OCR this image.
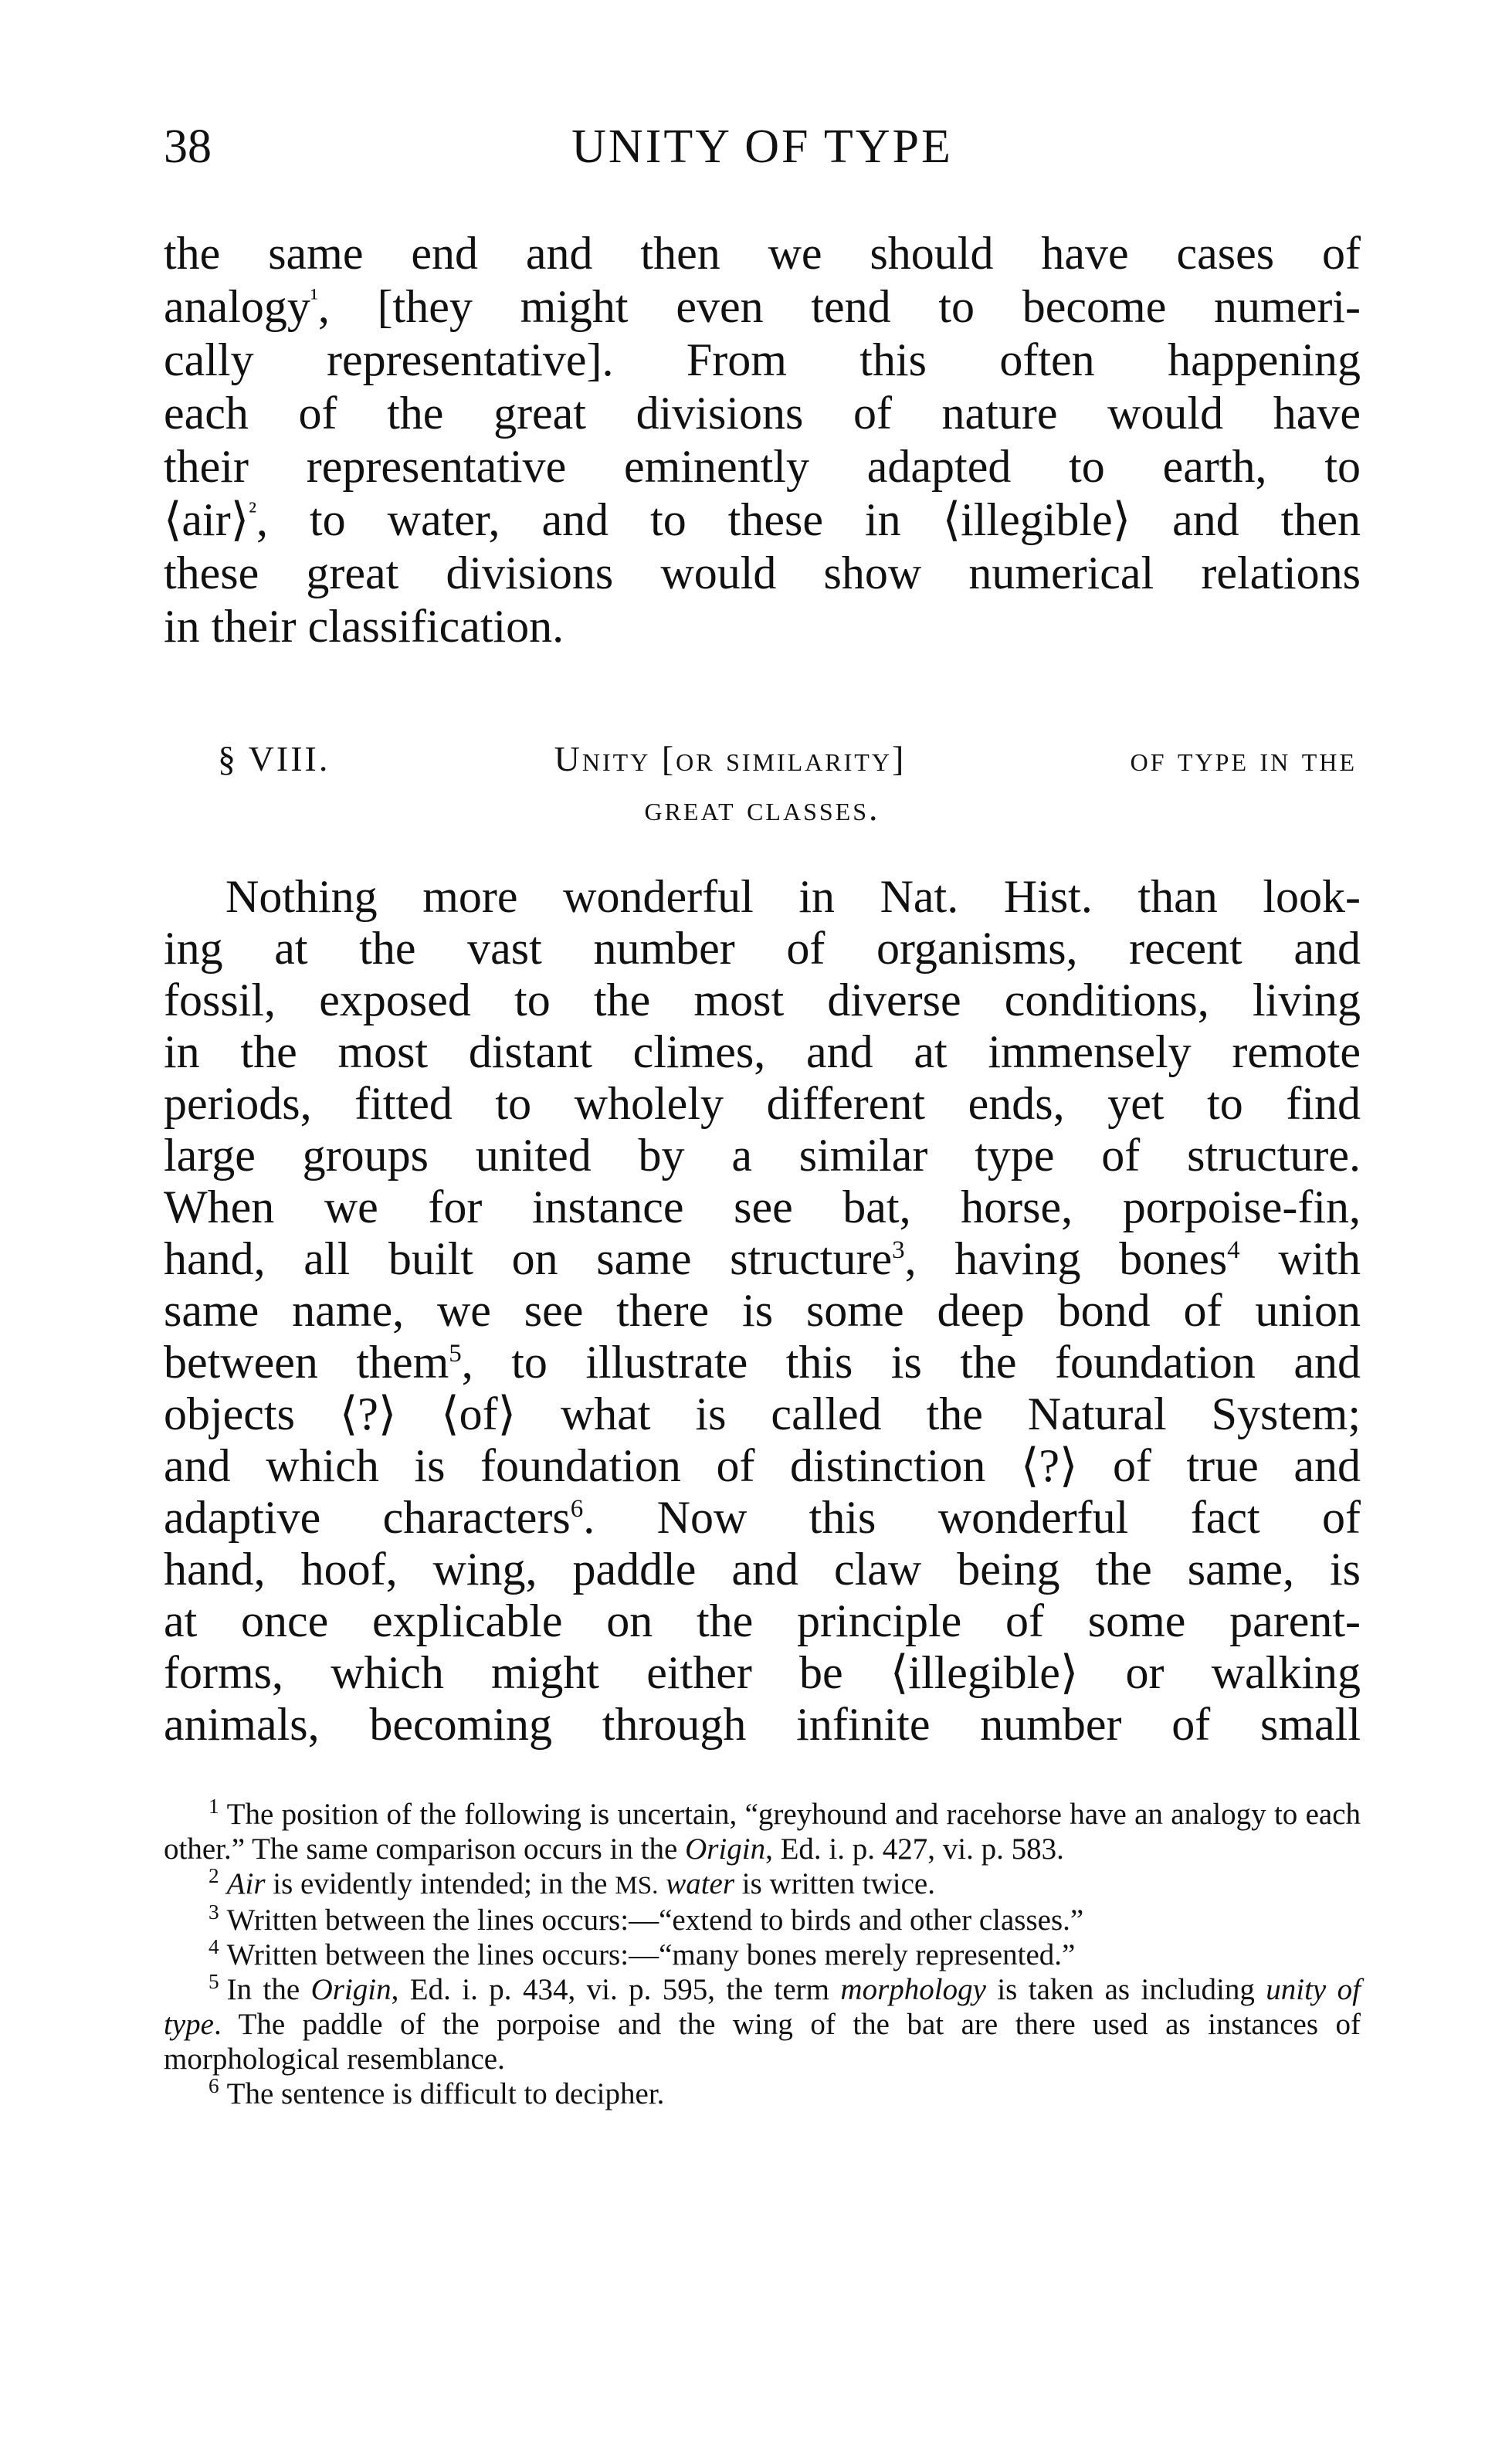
38	UNITY OF TYPE
the same end and then we should have cases of
analogy$^{^1}$, [they might even tend to become numeri-
cally representative]. From this often happening
each of the great divisions of nature would have
their representative eminently adapted to earth, to
⟨air⟩$^{^2}$, to water, and to these in ⟨illegible⟩ and then
these great divisions would show numerical relations
in their classification.
§ VIII.	Unity [or similarity]	of type in the
great classes.
Nothing more wonderful in Nat. Hist. than look-
ing at the vast number of organisms, recent and
fossil, exposed to the most diverse conditions, living
in the most distant climes, and at immensely remote
periods, fitted to wholely different ends, yet to find
large groups united by a similar type of structure.
When we for instance see bat, horse, porpoise-fin,
hand, all built on same structure$^3$, having bones$^4$ with
same name, we see there is some deep bond of union
between them$^5$, to illustrate this is the foundation and
objects ⟨?⟩ ⟨of⟩ what is called the Natural System;
and which is foundation of distinction ⟨?⟩ of true and
adaptive characters$^6$. Now this wonderful fact of
hand, hoof, wing, paddle and claw being the same, is
at once explicable on the principle of some parent-
forms, which might either be ⟨illegible⟩ or walking
animals, becoming through infinite number of small

$^1$ The position of the following is uncertain, “greyhound and racehorse have an analogy to each other.” The same comparison occurs in the Origin, Ed. i. p. 427, vi. p. 583.

$^2$ Air is evidently intended; in the MS. water is written twice.

$^3$ Written between the lines occurs:—“extend to birds and other classes.”

$^4$ Written between the lines occurs:—“many bones merely represented.”

$^5$ In the Origin, Ed. i. p. 434, vi. p. 595, the term morphology is taken as including unity of type. The paddle of the porpoise and the wing of the bat are there used as instances of morphological resemblance.

$^6$ The sentence is difficult to decipher.
